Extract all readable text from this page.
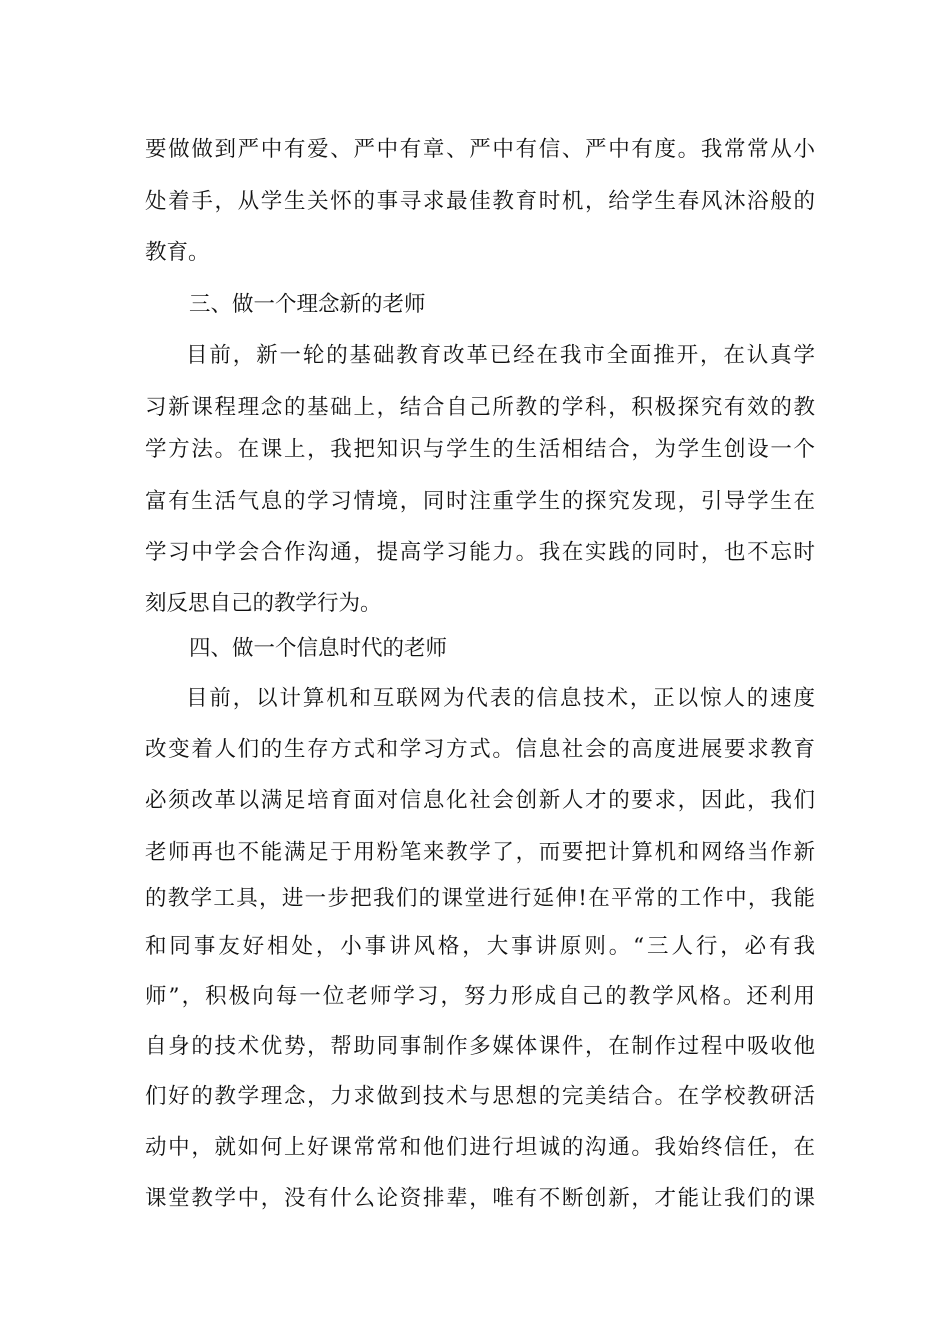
要做做到严中有爱、严中有章、严中有信、严中有度。我常常从小
处着手，从学生关怀的事寻求最佳教育时机，给学生春风沐浴般的
教育。
三、做一个理念新的老师
目前，新一轮的基础教育改革已经在我市全面推开，在认真学
习新课程理念的基础上，结合自己所教的学科，积极探究有效的教
学方法。在课上，我把知识与学生的生活相结合，为学生创设一个
富有生活气息的学习情境，同时注重学生的探究发现，引导学生在
学习中学会合作沟通，提高学习能力。我在实践的同时，也不忘时
刻反思自己的教学行为。
四、做一个信息时代的老师
目前，以计算机和互联网为代表的信息技术，正以惊人的速度
改变着人们的生存方式和学习方式。信息社会的高度进展要求教育
必须改革以满足培育面对信息化社会创新人才的要求，因此，我们
老师再也不能满足于用粉笔来教学了，而要把计算机和网络当作新
的教学工具，进一步把我们的课堂进行延伸!在平常的工作中，我能
和同事友好相处，小事讲风格，大事讲原则。“三人行，必有我
师”，积极向每一位老师学习，努力形成自己的教学风格。还利用
自身的技术优势，帮助同事制作多媒体课件，在制作过程中吸收他
们好的教学理念，力求做到技术与思想的完美结合。在学校教研活
动中，就如何上好课常常和他们进行坦诚的沟通。我始终信任，在
课堂教学中，没有什么论资排辈，唯有不断创新，才能让我们的课
